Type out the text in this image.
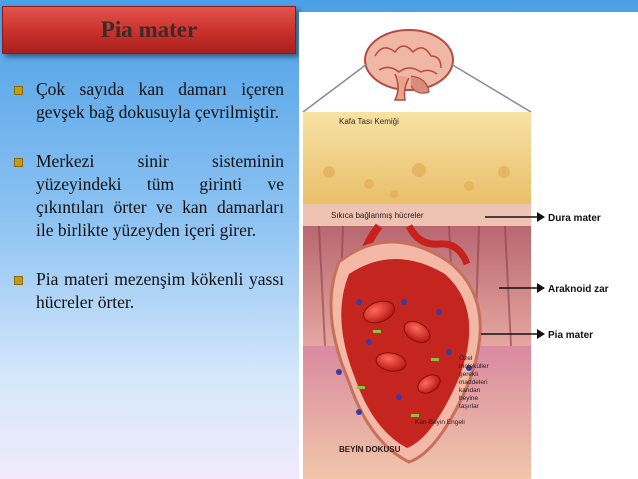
Pia mater
Çok sayıda kan damarı içeren gevşek bağ dokusuyla çevrilmiştir.
Merkezi sinir sisteminin yüzeyindeki tüm girinti ve çıkıntıları örter ve kan damarları ile birlikte yüzeyden içeri girer.
Pia materi mezenşim kökenli yassı hücreler örter.
Kafa Tası Kemiği
Sıkıca bağlanmış hücreler
Özel
moleküller
gerekli
maddeleri
kandan
beyine
taşırlar
Kan-Beyin Engeli
BEYİN DOKUSU
Dura mater
Araknoid zar
Pia mater
